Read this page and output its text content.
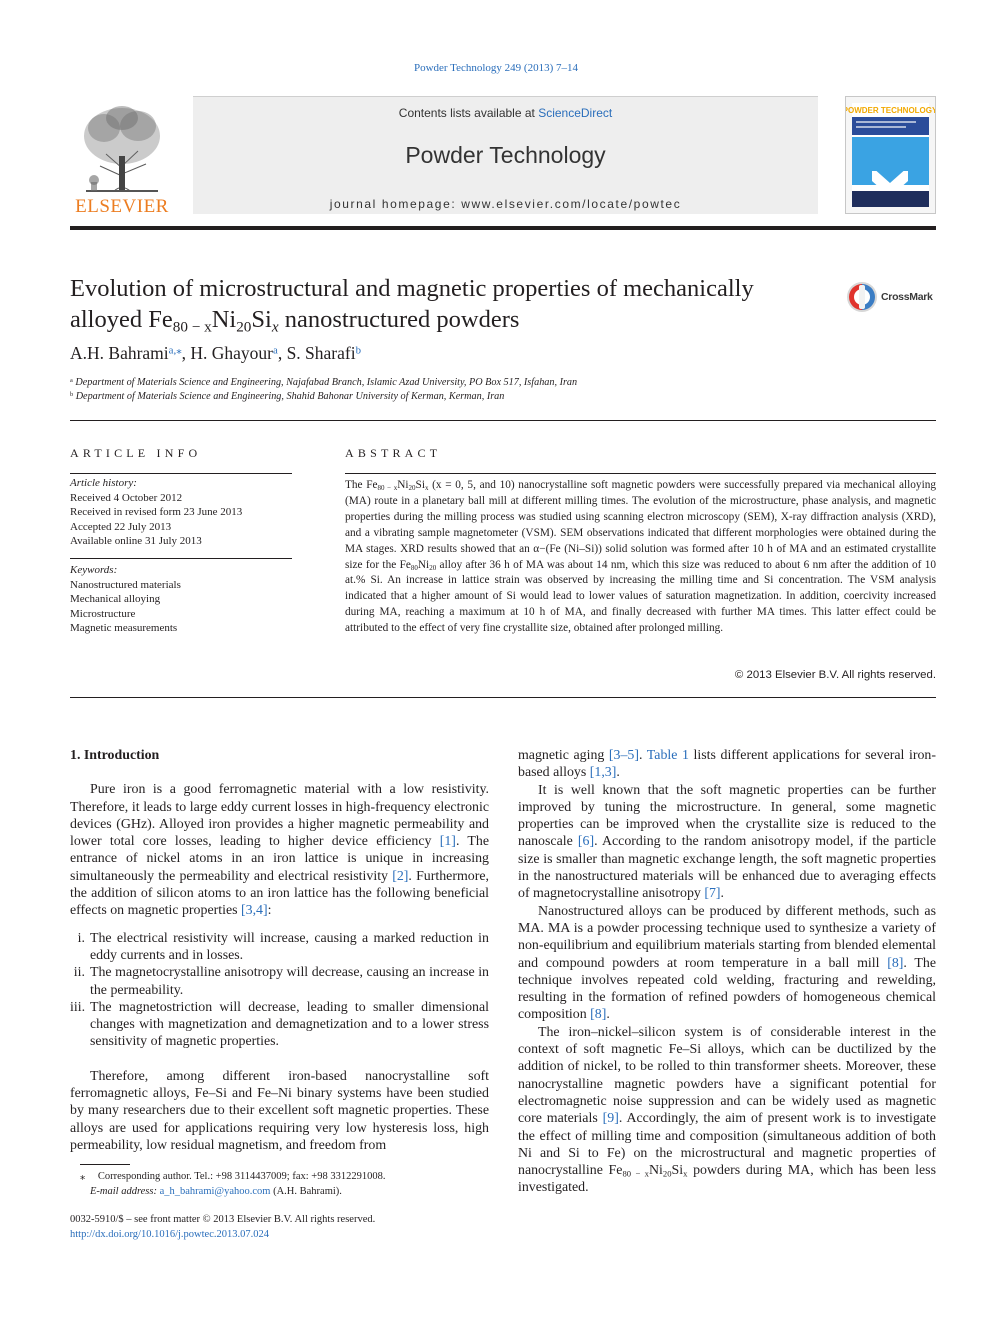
Powder Technology 249 (2013) 7–14
ELSEVIER
Contents lists available at ScienceDirect
Powder Technology
journal homepage: www.elsevier.com/locate/powtec
POWDER TECHNOLOGY
Evolution of microstructural and magnetic properties of mechanically
alloyed $Fe_{80 - x}Ni_{20}Si_x$ nanostructured powders
CrossMark
A.H. Bahrami$^{a,⁎}$, H. Ghayour$^a$, S. Sharafi$^b$
$^a$ Department of Materials Science and Engineering, Najafabad Branch, Islamic Azad University, PO Box 517, Isfahan, Iran
$^b$ Department of Materials Science and Engineering, Shahid Bahonar University of Kerman, Kerman, Iran
ARTICLE INFO	ABSTRACT
Article history:
Received 4 October 2012
Received in revised form 23 June 2013
Accepted 22 July 2013
Available online 31 July 2013
Keywords:
Nanostructured materials
Mechanical alloying
Microstructure
Magnetic measurements
The $Fe_{80 - x}Ni_{20}Si_x$ (x = 0, 5, and 10) nanocrystalline soft magnetic powders were successfully prepared via mechanical alloying (MA) route in a planetary ball mill at different milling times. The evolution of the microstructure, phase analysis, and magnetic properties during the milling process was studied using scanning electron microscopy (SEM), X-ray diffraction analysis (XRD), and a vibrating sample magnetometer (VSM). SEM observations indicated that different morphologies were obtained during the MA stages. XRD results showed that an α−(Fe (Ni–Si)) solid solution was formed after 10 h of MA and an estimated crystallite size for the $Fe_{80}Ni_{20}$ alloy after 36 h of MA was about 14 nm, which this size was reduced to about 6 nm after the addition of 10 at.% Si. An increase in lattice strain was observed by increasing the milling time and Si concentration. The VSM analysis indicated that a higher amount of Si would lead to lower values of saturation magnetization. In addition, coercivity increased during MA, reaching a maximum at 10 h of MA, and finally decreased with further MA times. This latter effect could be attributed to the effect of very fine crystallite size, obtained after prolonged milling.
© 2013 Elsevier B.V. All rights reserved.
1. Introduction

Pure iron is a good ferromagnetic material with a low resistivity. Therefore, it leads to large eddy current losses in high-frequency electronic devices (GHz). Alloyed iron provides a higher magnetic permeability and lower total core losses, leading to higher device efficiency [1]. The entrance of nickel atoms in an iron lattice is unique in increasing simultaneously the permeability and electrical resistivity [2]. Furthermore, the addition of silicon atoms to an iron lattice has the following beneficial effects on magnetic properties [3,4]:

i. The electrical resistivity will increase, causing a marked reduction in eddy currents and in losses.
ii. The magnetocrystalline anisotropy will decrease, causing an increase in the permeability.
iii. The magnetostriction will decrease, leading to smaller dimensional changes with magnetization and demagnetization and to a lower stress sensitivity of magnetic properties.

Therefore, among different iron-based nanocrystalline soft ferromagnetic alloys, Fe–Si and Fe–Ni binary systems have been studied by many researchers due to their excellent soft magnetic properties. These alloys are used for applications requiring very low hysteresis loss, high permeability, low residual magnetism, and freedom from

magnetic aging [3–5]. Table 1 lists different applications for several iron-based alloys [1,3].

It is well known that the soft magnetic properties can be further improved by tuning the microstructure. In general, some magnetic properties can be improved when the crystallite size is reduced to the nanoscale [6]. According to the random anisotropy model, if the particle size is smaller than magnetic exchange length, the soft magnetic properties in the nanostructured materials will be enhanced due to averaging effects of magnetocrystalline anisotropy [7].

Nanostructured alloys can be produced by different methods, such as MA. MA is a powder processing technique used to synthesize a variety of non-equilibrium and equilibrium materials starting from blended elemental and compound powders at room temperature in a ball mill [8]. The technique involves repeated cold welding, fracturing and rewelding, resulting in the formation of refined powders of homogeneous chemical composition [8].

The iron–nickel–silicon system is of considerable interest in the context of soft magnetic Fe–Si alloys, which can be ductilized by the addition of nickel, to be rolled to thin transformer sheets. Moreover, these nanocrystalline magnetic powders have a significant potential for electromagnetic noise suppression and can be widely used as magnetic core materials [9]. Accordingly, the aim of present work is to investigate the effect of milling time and composition (simultaneous addition of both Ni and Si to Fe) on the microstructural and magnetic properties of nanocrystalline $Fe_{80 - x}Ni_{20}Si_x$ powders during MA, which has been less investigated.

⁎ Corresponding author. Tel.: +98 3114437009; fax: +98 3312291008.
E-mail address: a_h_bahrami@yahoo.com (A.H. Bahrami).
0032-5910/$ – see front matter © 2013 Elsevier B.V. All rights reserved.
http://dx.doi.org/10.1016/j.powtec.2013.07.024
